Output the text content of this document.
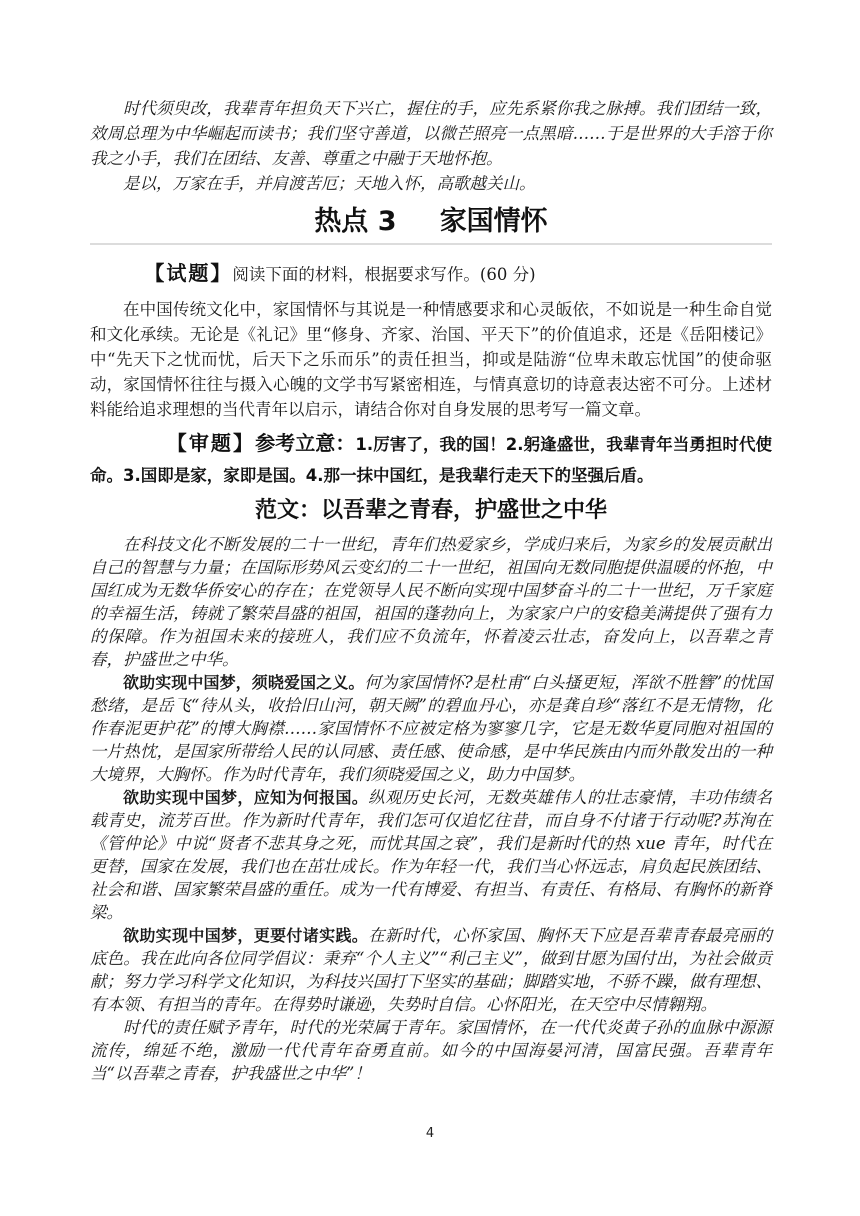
时代须臾改，我辈青年担负天下兴亡，握住的手，应先系紧你我之脉搏。我们团结一致，效周总理为中华崛起而读书；我们坚守善道，以微芒照亮一点黑暗……于是世界的大手溶于你我之小手，我们在团结、友善、尊重之中融于天地怀抱。

是以，万家在手，并肩渡苦厄；天地入怀，高歌越关山。

热点 3 家国情怀

【试题】阅读下面的材料，根据要求写作。(60 分)

在中国传统文化中，家国情怀与其说是一种情感要求和心灵皈依，不如说是一种生命自觉和文化承续。无论是《礼记》里“修身、齐家、治国、平天下”的价值追求，还是《岳阳楼记》中“先天下之忧而忧，后天下之乐而乐”的责任担当，抑或是陆游“位卑未敢忘忧国”的使命驱动，家国情怀往往与摄入心魄的文学书写紧密相连，与情真意切的诗意表达密不可分。上述材料能给追求理想的当代青年以启示，请结合你对自身发展的思考写一篇文章。

【审题】参考立意：1.厉害了，我的国！2.躬逢盛世，我辈青年当勇担时代使命。3.国即是家，家即是国。4.那一抹中国红，是我辈行走天下的坚强后盾。

范文：以吾辈之青春，护盛世之中华

在科技文化不断发展的二十一世纪，青年们热爱家乡，学成归来后，为家乡的发展贡献出自己的智慧与力量；在国际形势风云变幻的二十一世纪，祖国向无数同胞提供温暖的怀抱，中国红成为无数华侨安心的存在；在党领导人民不断向实现中国梦奋斗的二十一世纪，万千家庭的幸福生活，铸就了繁荣昌盛的祖国，祖国的蓬勃向上，为家家户户的安稳美满提供了强有力的保障。作为祖国未来的接班人，我们应不负流年，怀着凌云壮志，奋发向上，以吾辈之青春，护盛世之中华。

欲助实现中国梦，须晓爱国之义。何为家国情怀?是杜甫“白头搔更短，浑欲不胜簪”的忧国愁绪，是岳飞“待从头，收拾旧山河，朝天阙”的碧血丹心，亦是龚自珍“落红不是无情物，化作春泥更护花”的博大胸襟……家国情怀不应被定格为寥寥几字，它是无数华夏同胞对祖国的一片热忱，是国家所带给人民的认同感、责任感、使命感，是中华民族由内而外散发出的一种大境界，大胸怀。作为时代青年，我们须晓爱国之义，助力中国梦。

欲助实现中国梦，应知为何报国。纵观历史长河，无数英雄伟人的壮志豪情，丰功伟绩名载青史，流芳百世。作为新时代青年，我们怎可仅追忆往昔，而自身不付诸于行动呢?苏洵在《管仲论》中说“贤者不悲其身之死，而忧其国之衰”，我们是新时代的热 xue 青年，时代在更替，国家在发展，我们也在茁壮成长。作为年轻一代，我们当心怀远志，肩负起民族团结、社会和谐、国家繁荣昌盛的重任。成为一代有博爱、有担当、有责任、有格局、有胸怀的新脊梁。

欲助实现中国梦，更要付诸实践。在新时代，心怀家国、胸怀天下应是吾辈青春最亮丽的底色。我在此向各位同学倡议：秉弃“个人主义”“利己主义”，做到甘愿为国付出，为社会做贡献；努力学习科学文化知识，为科技兴国打下坚实的基础；脚踏实地，不骄不躁，做有理想、有本领、有担当的青年。在得势时谦逊，失势时自信。心怀阳光，在天空中尽情翱翔。

时代的责任赋予青年，时代的光荣属于青年。家国情怀，在一代代炎黄子孙的血脉中源源流传，绵延不绝，激励一代代青年奋勇直前。如今的中国海晏河清，国富民强。吾辈青年当“以吾辈之青春，护我盛世之中华”！

4
